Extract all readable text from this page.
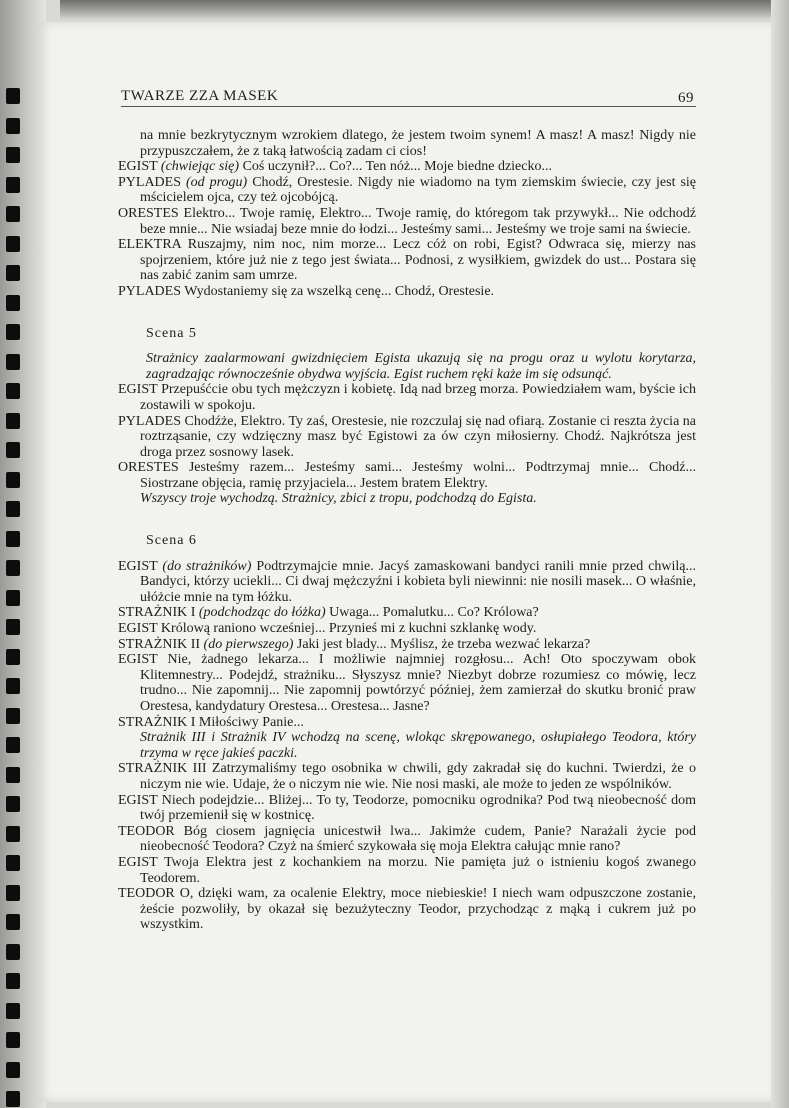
TWARZE ZZA MASEK	69

na mnie bezkrytycznym wzrokiem dlatego, że jestem twoim synem! A masz! A masz! Nigdy nie przypuszczałem, że z taką łatwością zadam ci cios!

EGIST (chwiejąc się) Coś uczynił?... Co?... Ten nóż... Moje biedne dziecko...

PYLADES (od progu) Chodź, Orestesie. Nigdy nie wiadomo na tym ziemskim świecie, czy jest się mścicielem ojca, czy też ojcobójcą.

ORESTES Elektro... Twoje ramię, Elektro... Twoje ramię, do któregom tak przywykł... Nie odchodź beze mnie... Nie wsiadaj beze mnie do łodzi... Jesteśmy sami... Jesteśmy we troje sami na świecie.

ELEKTRA Ruszajmy, nim noc, nim morze... Lecz cóż on robi, Egist? Odwraca się, mierzy nas spojrzeniem, które już nie z tego jest świata... Podnosi, z wysiłkiem, gwizdek do ust... Postara się nas zabić zanim sam umrze.

PYLADES Wydostaniemy się za wszelką cenę... Chodź, Orestesie.

Scena 5

Strażnicy zaalarmowani gwizdnięciem Egista ukazują się na progu oraz u wylotu korytarza, zagradzając równocześnie obydwa wyjścia. Egist ruchem ręki każe im się odsunąć.

EGIST Przepuśćcie obu tych mężczyzn i kobietę. Idą nad brzeg morza. Powiedziałem wam, byście ich zostawili w spokoju.

PYLADES Chodźże, Elektro. Ty zaś, Orestesie, nie rozczulaj się nad ofiarą. Zostanie ci reszta życia na roztrząsanie, czy wdzięczny masz być Egistowi za ów czyn miłosierny. Chodź. Najkrótsza jest droga przez sosnowy lasek.

ORESTES Jesteśmy razem... Jesteśmy sami... Jesteśmy wolni... Podtrzymaj mnie... Chodź... Siostrzane objęcia, ramię przyjaciela... Jestem bratem Elektry.

Wszyscy troje wychodzą. Strażnicy, zbici z tropu, podchodzą do Egista.

Scena 6

EGIST (do strażników) Podtrzymajcie mnie. Jacyś zamaskowani bandyci ranili mnie przed chwilą... Bandyci, którzy uciekli... Ci dwaj mężczyźni i kobieta byli niewinni: nie nosili masek... O właśnie, ułóżcie mnie na tym łóżku.

STRAŻNIK I (podchodząc do łóżka) Uwaga... Pomalutku... Co? Królowa?

EGIST Królową raniono wcześniej... Przynieś mi z kuchni szklankę wody.

STRAŻNIK II (do pierwszego) Jaki jest blady... Myślisz, że trzeba wezwać lekarza?

EGIST Nie, żadnego lekarza... I możliwie najmniej rozgłosu... Ach! Oto spoczywam obok Klitemnestry... Podejdź, strażniku... Słyszysz mnie? Niezbyt dobrze rozumiesz co mówię, lecz trudno... Nie zapomnij... Nie zapomnij powtórzyć później, żem zamierzał do skutku bronić praw Orestesa, kandydatury Orestesa... Orestesa... Jasne?

STRAŻNIK I Miłościwy Panie...

Strażnik III i Strażnik IV wchodzą na scenę, wlokąc skrępowanego, osłupiałego Teodora, który trzyma w ręce jakieś paczki.

STRAŻNIK III Zatrzymaliśmy tego osobnika w chwili, gdy zakradał się do kuchni. Twierdzi, że o niczym nie wie. Udaje, że o niczym nie wie. Nie nosi maski, ale może to jeden ze wspólników.

EGIST Niech podejdzie... Bliżej... To ty, Teodorze, pomocniku ogrodnika? Pod twą nieobecność dom twój przemienił się w kostnicę.

TEODOR Bóg ciosem jagnięcia unicestwił lwa... Jakimże cudem, Panie? Narażali życie pod nieobecność Teodora? Czyż na śmierć szykowała się moja Elektra całując mnie rano?

EGIST Twoja Elektra jest z kochankiem na morzu. Nie pamięta już o istnieniu kogoś zwanego Teodorem.

TEODOR O, dzięki wam, za ocalenie Elektry, moce niebieskie! I niech wam odpuszczone zostanie, żeście pozwoliły, by okazał się bezużyteczny Teodor, przychodząc z mąką i cukrem już po wszystkim.
